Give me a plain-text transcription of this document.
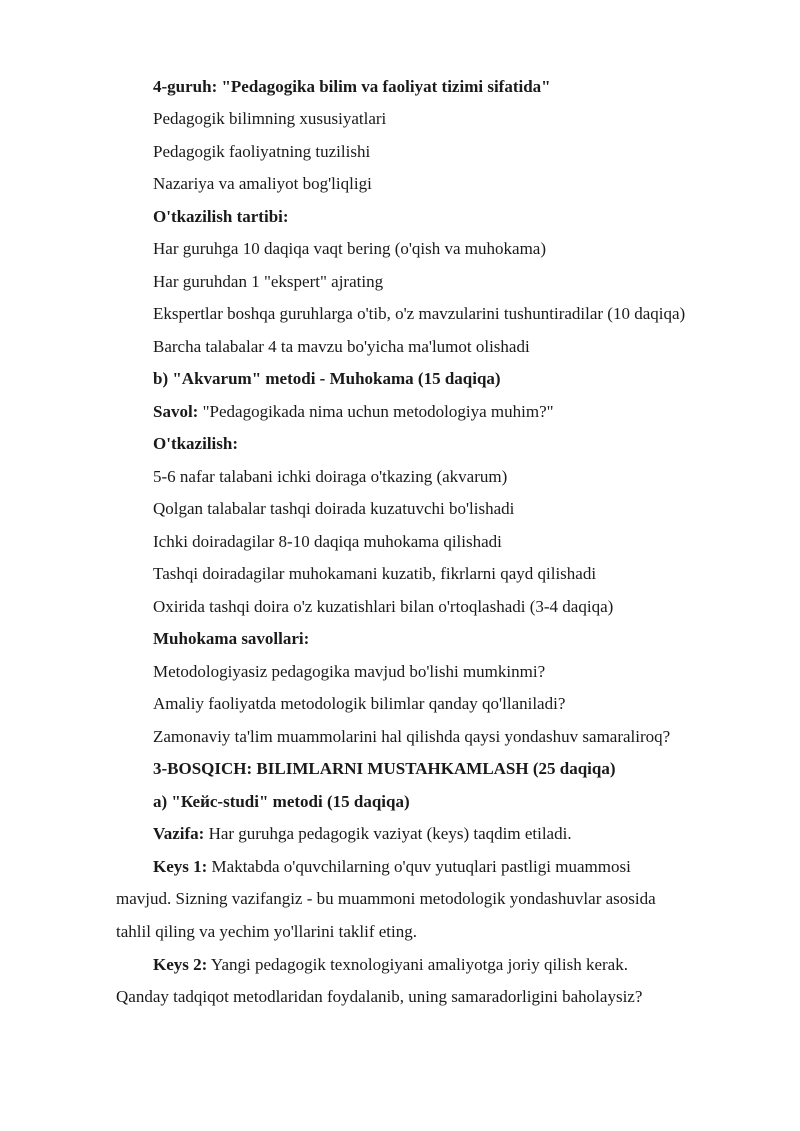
4-guruh: "Pedagogika bilim va faoliyat tizimi sifatida"

Pedagogik bilimning xususiyatlari

Pedagogik faoliyatning tuzilishi

Nazariya va amaliyot bog'liqligi

O'tkazilish tartibi:

Har guruhga 10 daqiqa vaqt bering (o'qish va muhokama)

Har guruhdan 1 "ekspert" ajrating

Ekspertlar boshqa guruhlarga o'tib, o'z mavzularini tushuntiradilar (10 daqiqa)

Barcha talabalar 4 ta mavzu bo'yicha ma'lumot olishadi

b) "Akvarum" metodi - Muhokama (15 daqiqa)

Savol: "Pedagogikada nima uchun metodologiya muhim?"

O'tkazilish:

5-6 nafar talabani ichki doiraga o'tkazing (akvarum)

Qolgan talabalar tashqi doirada kuzatuvchi bo'lishadi

Ichki doiradagilar 8-10 daqiqa muhokama qilishadi

Tashqi doiradagilar muhokamani kuzatib, fikrlarni qayd qilishadi

Oxirida tashqi doira o'z kuzatishlari bilan o'rtoqlashadi (3-4 daqiqa)

Muhokama savollari:

Metodologiyasiz pedagogika mavjud bo'lishi mumkinmi?

Amaliy faoliyatda metodologik bilimlar qanday qo'llaniladi?

Zamonaviy ta'lim muammolarini hal qilishda qaysi yondashuv samaraliroq?

3-BOSQICH: BILIMLARNI MUSTAHKAMLASH (25 daqiqa)

a) "Кейс-studi" metodi (15 daqiqa)

Vazifa: Har guruhga pedagogik vaziyat (keys) taqdim etiladi.

Keys 1: Maktabda o'quvchilarning o'quv yutuqlari pastligi muammosi

mavjud. Sizning vazifangiz - bu muammoni metodologik yondashuvlar asosida

tahlil qiling va yechim yo'llarini taklif eting.

Keys 2: Yangi pedagogik texnologiyani amaliyotga joriy qilish kerak.

Qanday tadqiqot metodlaridan foydalanib, uning samaradorligini baholaysiz?
